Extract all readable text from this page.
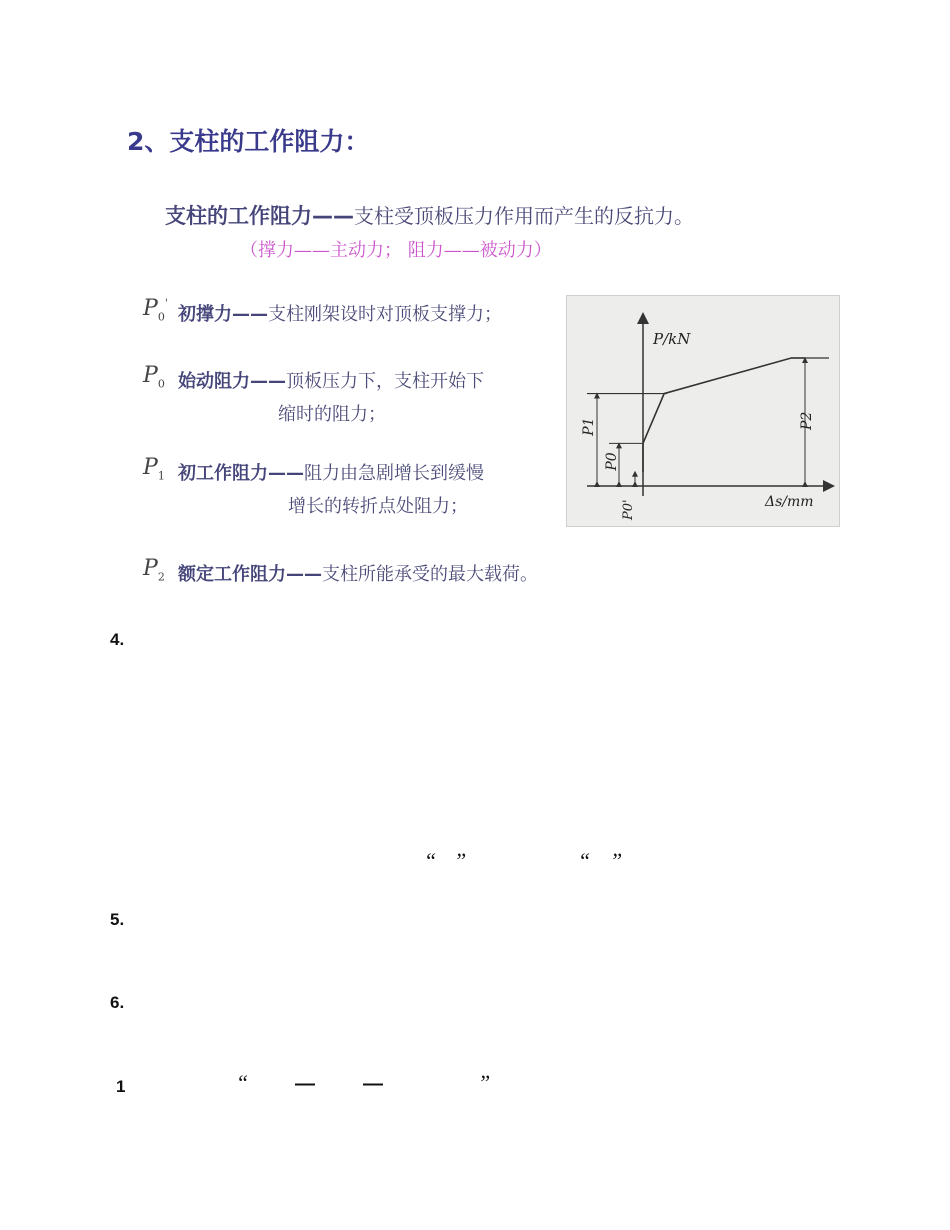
2、支柱的工作阻力：
支柱的工作阻力——支柱受顶板压力作用而产生的反抗力。
（撑力——主动力； 阻力——被动力）
$P_0'$
初撑力——支柱刚架设时对顶板支撑力；
$P_0$ 始动阻力——顶板压力下，支柱开始下
缩时的阻力；
$P_1$ 初工作阻力——阻力由急剧增长到缓慢
增长的转折点处阻力；
$P_2$ 额定工作阻力——支柱所能承受的最大载荷。
P/kN
Δs/mm
P1
P0
P0'
P2
4.
“ ”	“ ”
5.
6.
1	“ — —	”
